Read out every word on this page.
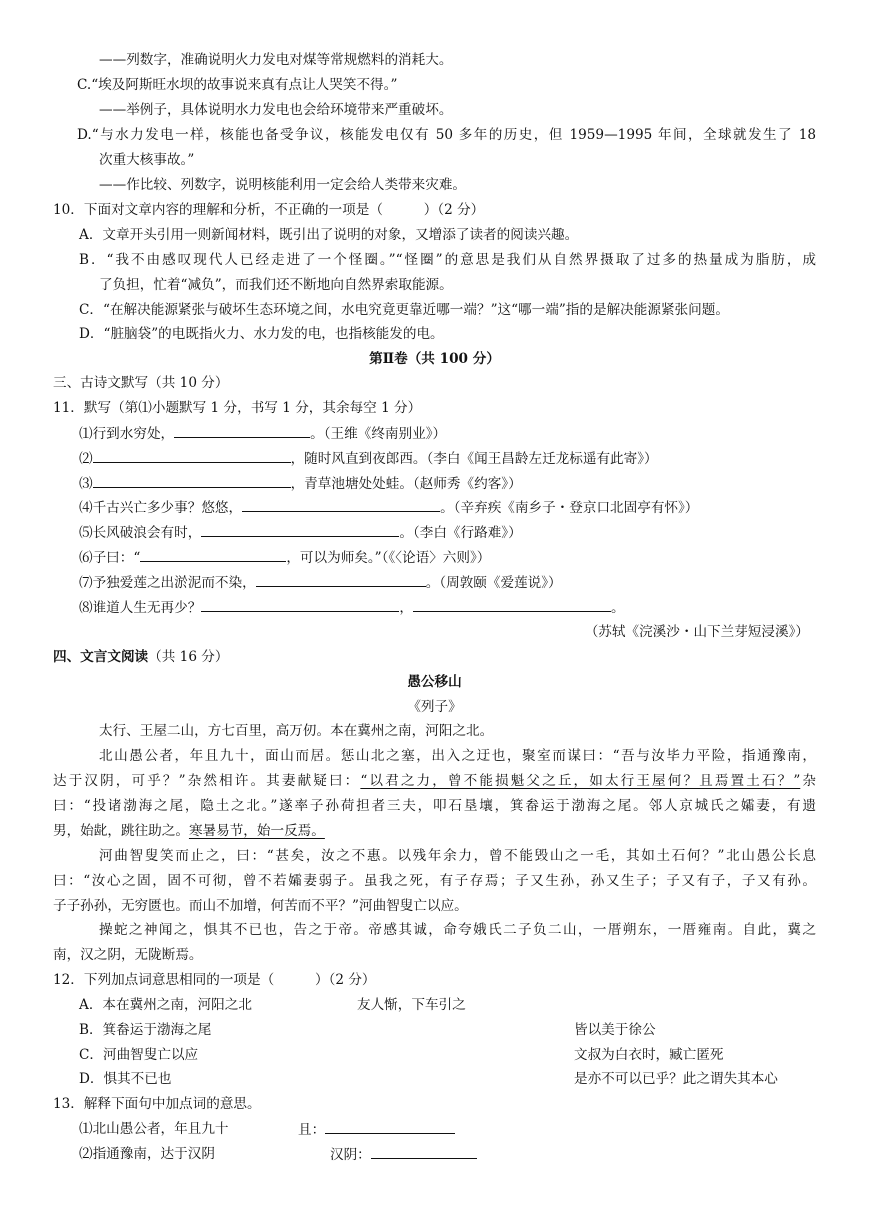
——列数字，准确说明火力发电对煤等常规燃料的消耗大。
C.“埃及阿斯旺水坝的故事说来真有点让人哭笑不得。”
——举例子，具体说明水力发电也会给环境带来严重破坏。
D.“与水力发电一样，核能也备受争议，核能发电仅有 50 多年的历史，但 1959—1995 年间，全球就发生了 18
次重大核事故。”
——作比较、列数字，说明核能利用一定会给人类带来灾难。
10．下面对文章内容的理解和分析，不正确的一项是（　　　）（2 分）
A．文章开头引用一则新闻材料，既引出了说明的对象，又增添了读者的阅读兴趣。
B．“我不由感叹现代人已经走进了一个怪圈。”“怪圈”的意思是我们从自然界摄取了过多的热量成为脂肪，成
了负担，忙着“减负”，而我们还不断地向自然界索取能源。
C．“在解决能源紧张与破坏生态环境之间，水电究竟更靠近哪一端？”这“哪一端”指的是解决能源紧张问题。
D．“脏脑袋”的电既指火力、水力发的电，也指核能发的电。
第Ⅱ卷（共 100 分）
三、古诗文默写（共 10 分）
11．默写（第⑴小题默写 1 分，书写 1 分，其余每空 1 分）
⑴行到水穷处，	。（王维《终南别业》）
⑵	，随时风直到夜郎西。（李白《闻王昌龄左迁龙标遥有此寄》）
⑶	，青草池塘处处蛙。（赵师秀《约客》）
⑷千古兴亡多少事？悠悠，	。（辛弃疾《南乡子・登京口北固亭有怀》）
⑸长风破浪会有时，	。（李白《行路难》）
⑹子曰：“	，可以为师矣。”（《〈论语〉六则》）
⑺予独爱莲之出淤泥而不染，	。（周敦颐《爱莲说》）
⑻谁道人生无再少？	，	。
（苏轼《浣溪沙・山下兰芽短浸溪》）
四、文言文阅读（共 16 分）
愚公移山
《列子》
太行、王屋二山，方七百里，高万仞。本在冀州之南，河阳之北。
北山愚公者，年且九十，面山而居。惩山北之塞，出入之迂也，聚室而谋曰：“吾与汝毕力平险，指通豫南，
达于汉阴，可乎？”杂然相许。其妻献疑曰：“以君之力，曾不能损魁父之丘，如太行王屋何？且焉置土石？”杂
曰：“投诸渤海之尾，隐土之北。”遂率子孙荷担者三夫，叩石垦壤，箕畚运于渤海之尾。邻人京城氏之孀妻，有遗
男，始龀，跳往助之。寒暑易节，始一反焉。
河曲智叟笑而止之，曰：“甚矣，汝之不惠。以残年余力，曾不能毁山之一毛，其如土石何？”北山愚公长息
曰：“汝心之固，固不可彻，曾不若孀妻弱子。虽我之死，有子存焉；子又生孙，孙又生子；子又有子，子又有孙。
子子孙孙，无穷匮也。而山不加增，何苦而不平？”河曲智叟亡以应。
操蛇之神闻之，惧其不已也，告之于帝。帝感其诚，命夸娥氏二子负二山，一厝朔东，一厝雍南。自此，冀之
南，汉之阴，无陇断焉。
12．下列加点词意思相同的一项是（　　　）（2 分）
A．本在冀州之南，河阳之北	友人惭，下车引之
B．箕畚运于渤海之尾	皆以美于徐公
C．河曲智叟亡以应	文叔为白衣时，臧亡匿死
D．惧其不已也	是亦不可以已乎？此之谓失其本心
13．解释下面句中加点词的意思。
⑴北山愚公者，年且九十	且：
⑵指通豫南，达于汉阴	汉阴：
